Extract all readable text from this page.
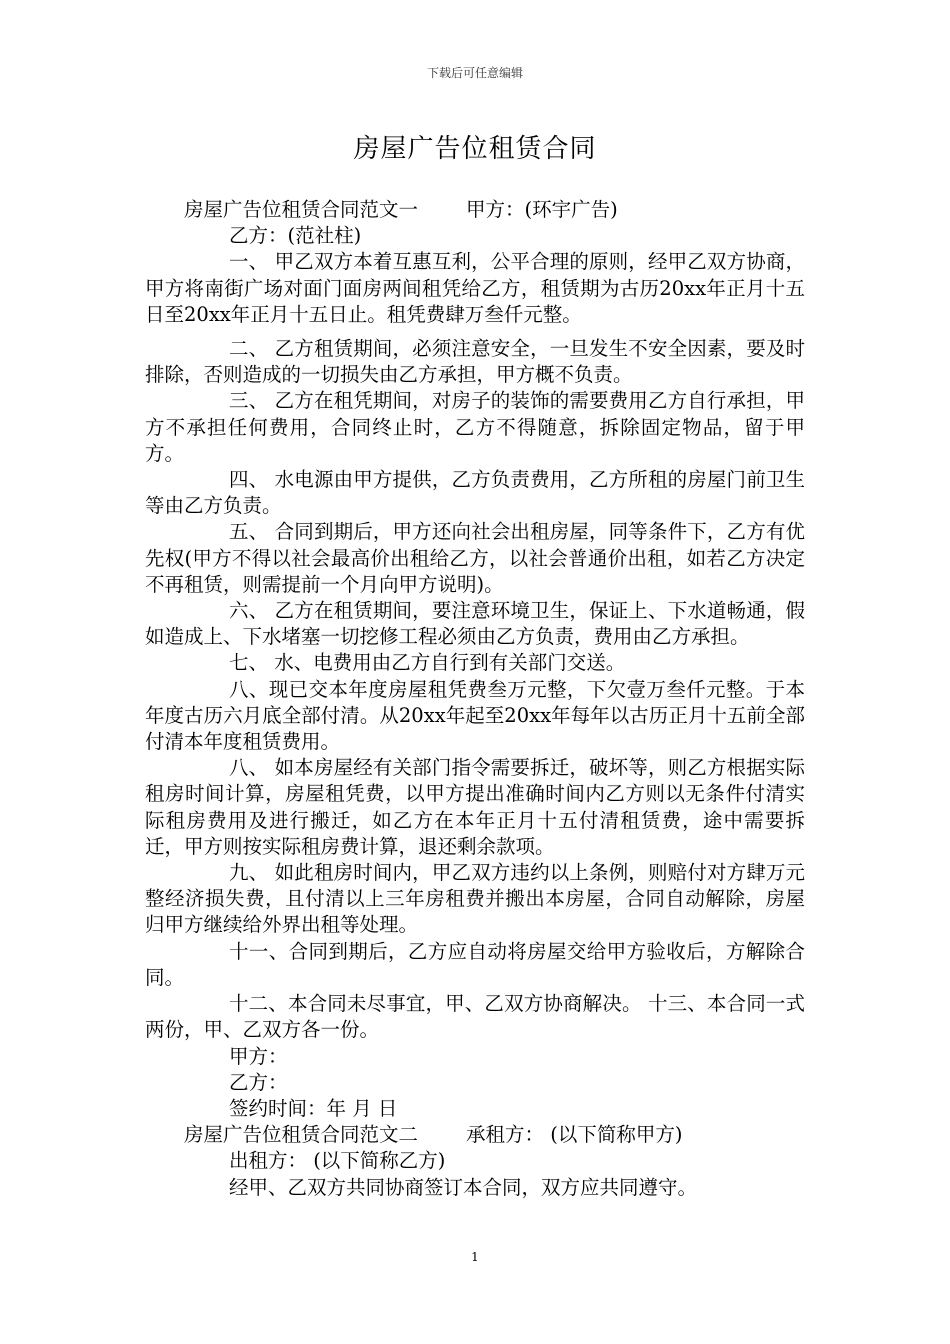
下载后可任意编辑
房屋广告位租赁合同

房屋广告位租赁合同范文一 甲方：(环宇广告)

乙方：(范社柱)

一、 甲乙双方本着互惠互利，公平合理的原则，经甲乙双方协商，甲方将南街广场对面门面房两间租凭给乙方，租赁期为古历20xx年正月十五日至20xx年正月十五日止。租凭费肆万叁仟元整。

二、 乙方租赁期间，必须注意安全，一旦发生不安全因素，要及时排除，否则造成的一切损失由乙方承担，甲方概不负责。

三、 乙方在租凭期间，对房子的装饰的需要费用乙方自行承担，甲方不承担任何费用，合同终止时，乙方不得随意，拆除固定物品，留于甲方。

四、 水电源由甲方提供，乙方负责费用，乙方所租的房屋门前卫生等由乙方负责。

五、 合同到期后，甲方还向社会出租房屋，同等条件下，乙方有优先权(甲方不得以社会最高价出租给乙方，以社会普通价出租，如若乙方决定不再租赁，则需提前一个月向甲方说明)。

六、 乙方在租赁期间，要注意环境卫生，保证上、下水道畅通，假如造成上、下水堵塞一切挖修工程必须由乙方负责，费用由乙方承担。

七、 水、电费用由乙方自行到有关部门交送。

八、现已交本年度房屋租凭费叁万元整，下欠壹万叁仟元整。于本年度古历六月底全部付清。从20xx年起至20xx年每年以古历正月十五前全部付清本年度租赁费用。

八、 如本房屋经有关部门指令需要拆迁，破坏等，则乙方根据实际租房时间计算，房屋租凭费，以甲方提出准确时间内乙方则以无条件付清实际租房费用及进行搬迁，如乙方在本年正月十五付清租赁费，途中需要拆迁，甲方则按实际租房费计算，退还剩余款项。

九、 如此租房时间内，甲乙双方违约以上条例，则赔付对方肆万元整经济损失费，且付清以上三年房租费并搬出本房屋，合同自动解除，房屋归甲方继续给外界出租等处理。

十一、合同到期后，乙方应自动将房屋交给甲方验收后，方解除合同。

十二、本合同未尽事宜，甲、乙双方协商解决。 十三、本合同一式两份，甲、乙双方各一份。

甲方：

乙方：

签约时间：年 月 日

房屋广告位租赁合同范文二 承租方： (以下简称甲方)

出租方： (以下简称乙方)

经甲、乙双方共同协商签订本合同，双方应共同遵守。

1
